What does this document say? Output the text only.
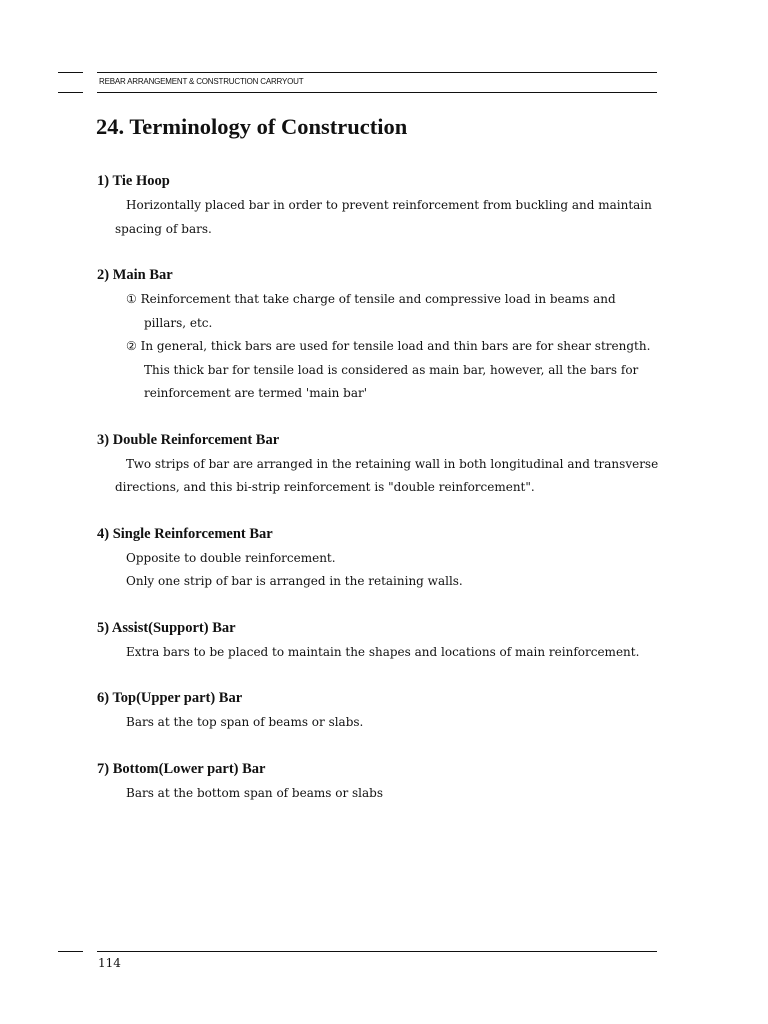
REBAR ARRANGEMENT & CONSTRUCTION CARRYOUT
24. Terminology of Construction
1) Tie Hoop
Horizontally placed bar in order to prevent reinforcement from buckling and maintain
spacing of bars.
2) Main Bar
① Reinforcement that take charge of tensile and compressive load in beams and
pillars, etc.
② In general, thick bars are used for tensile load and thin bars are for shear strength.
This thick bar for tensile load is considered as main bar, however, all the bars for
reinforcement are termed 'main bar'
3) Double Reinforcement Bar
Two strips of bar are arranged in the retaining wall in both longitudinal and transverse
directions, and this bi-strip reinforcement is "double reinforcement".
4) Single Reinforcement Bar
Opposite to double reinforcement.
Only one strip of bar is arranged in the retaining walls.
5) Assist(Support) Bar
Extra bars to be placed to maintain the shapes and locations of main reinforcement.
6) Top(Upper part) Bar
Bars at the top span of beams or slabs.
7) Bottom(Lower part) Bar
Bars at the bottom span of beams or slabs
114
